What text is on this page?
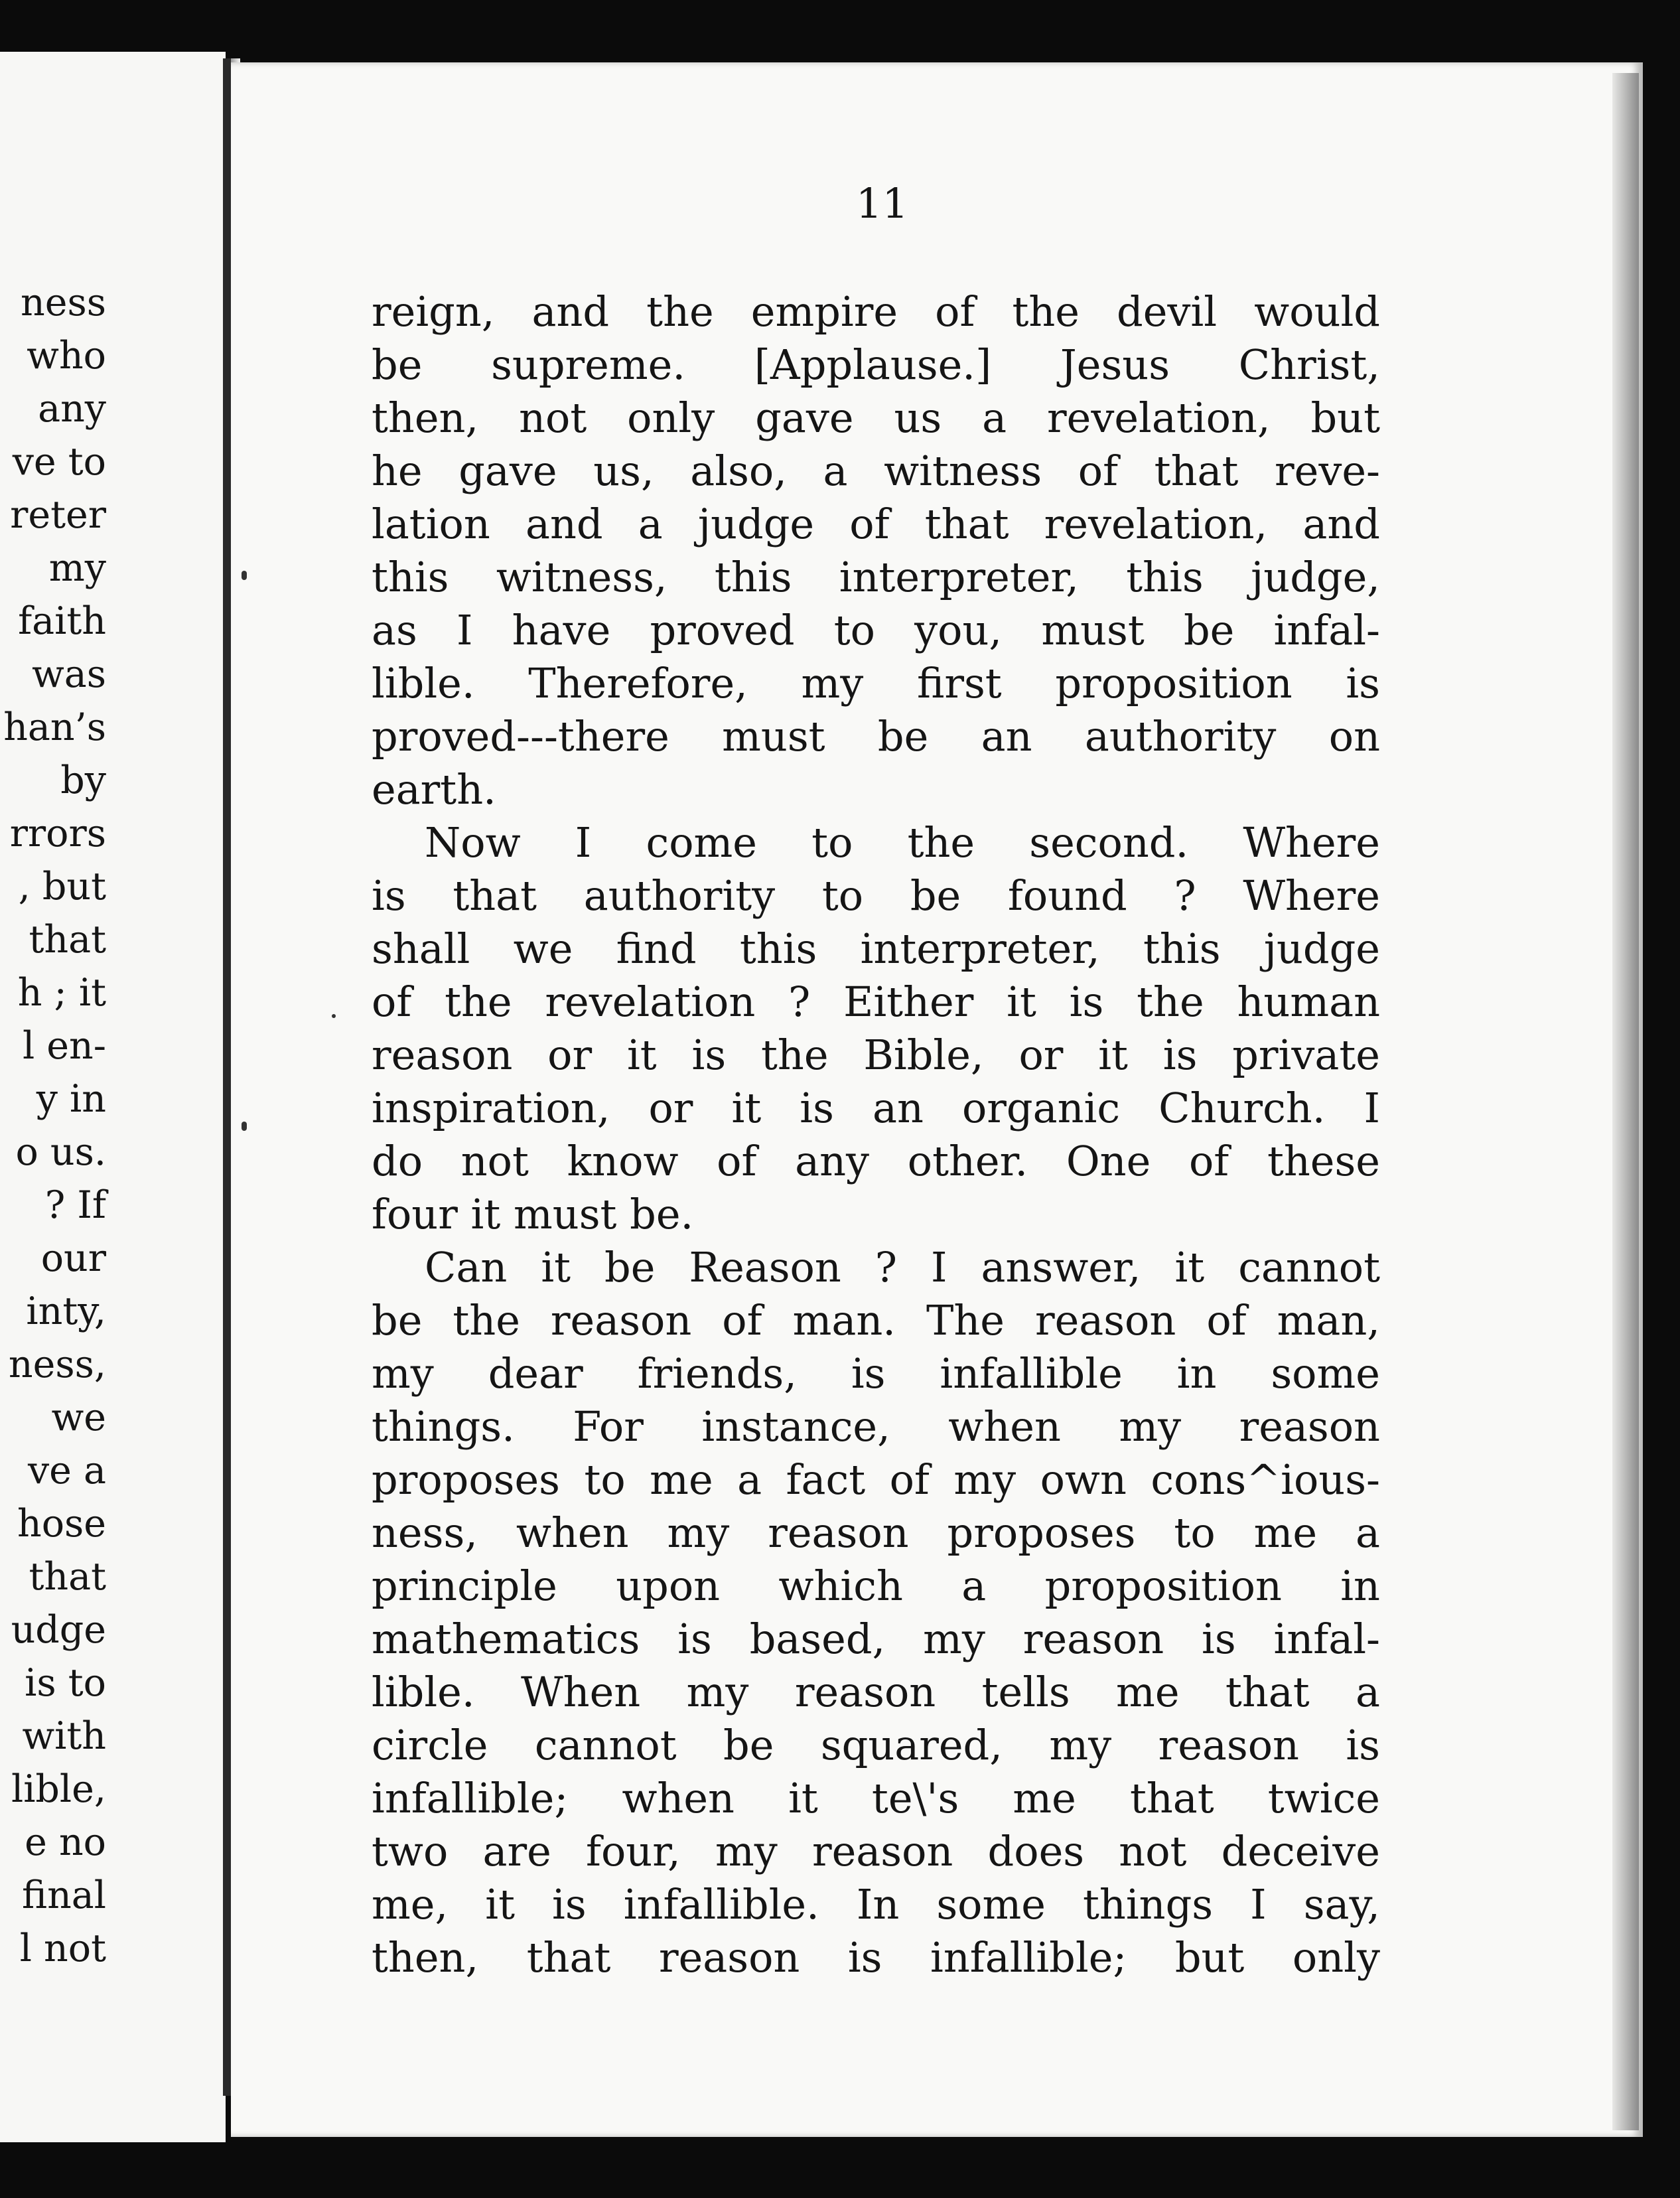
ness
who
any
ve to
reter
my
faith
was
han’s
by
rrors
, but
that
h ; it
l en-
y in
o us.
? If
our
inty,
ness,
we
ve a
hose
that
udge
is to
with
lible,
e no
final
l not
11
reign, and the empire of the devil would
be supreme. [Applause.] Jesus Christ,
then, not only gave us a revelation, but
he gave us, also, a witness of that reve-
lation and a judge of that revelation, and
this witness, this interpreter, this judge,
as I have proved to you, must be infal-
lible. Therefore, my first proposition is
proved---there must be an authority on
earth.
Now I come to the second. Where
is that authority to be found ? Where
shall we find this interpreter, this judge
of the revelation ? Either it is the human
reason or it is the Bible, or it is private
inspiration, or it is an organic Church. I
do not know of any other. One of these
four it must be.
Can it be Reason ? I answer, it cannot
be the reason of man. The reason of man,
my dear friends, is infallible in some
things. For instance, when my reason
proposes to me a fact of my own cons^ious-
ness, when my reason proposes to me a
principle upon which a proposition in
mathematics is based, my reason is infal-
lible. When my reason tells me that a
circle cannot be squared, my reason is
infallible; when it te\'s me that twice
two are four, my reason does not deceive
me, it is infallible. In some things I say,
then, that reason is infallible; but only
